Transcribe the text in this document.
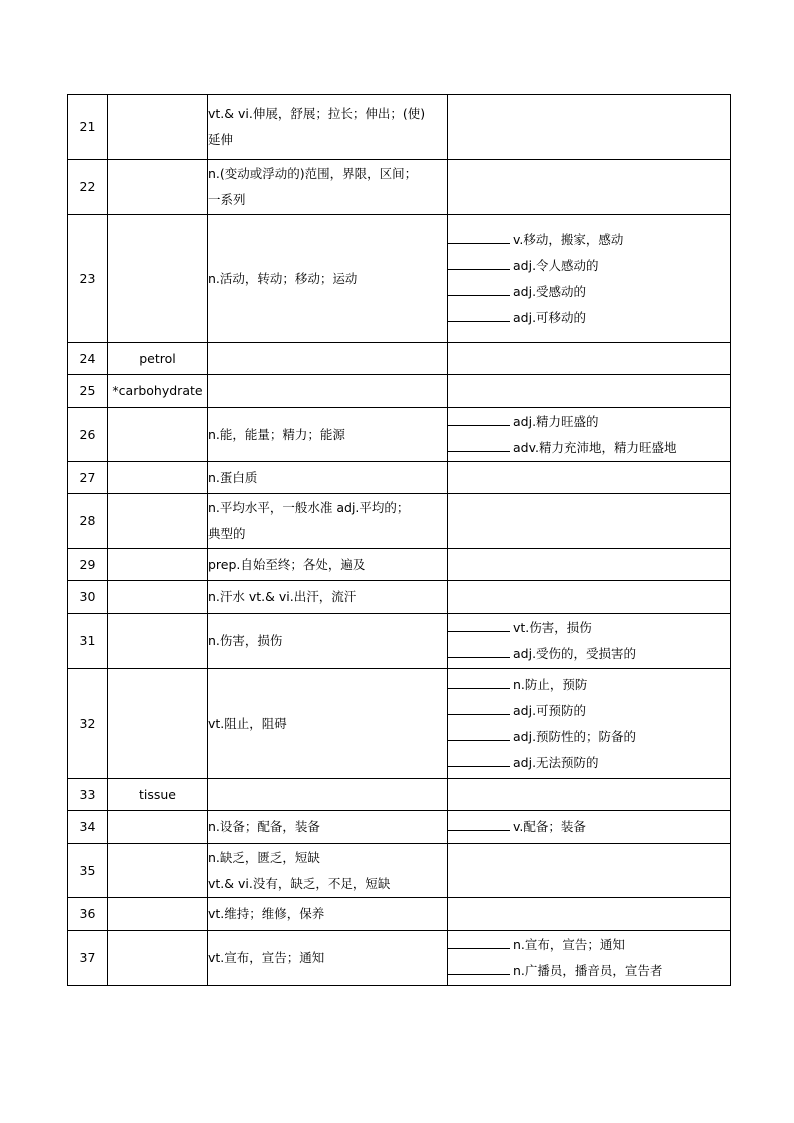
21		vt.& vi.伸展，舒展；拉长；伸出；(使)
延伸	

22		n.(变动或浮动的)范围，界限，区间；
一系列	

23		n.活动，转动；移动；运动	v.移动，搬家，感动
adj.令人感动的
adj.受感动的
adj.可移动的

24	petrol		
25	*carbohydrate		
26		n.能，能量；精力；能源	adj.精力旺盛的
adv.精力充沛地，精力旺盛地

27		n.蛋白质	

28		n.平均水平，一般水准 adj.平均的；
典型的	

29		prep.自始至终；各处，遍及	

30		n.汗水 vt.& vi.出汗，流汗	

31		n.伤害，损伤	vt.伤害，损伤
adj.受伤的，受损害的

32		vt.阻止，阻碍	n.防止，预防
adj.可预防的
adj.预防性的；防备的
adj.无法预防的

33	tissue		
34		n.设备；配备，装备	v.配备；装备

35		n.缺乏，匮乏，短缺
vt.& vi.没有，缺乏，不足，短缺	

36		vt.维持；维修，保养	

37		vt.宣布，宣告；通知	n.宣布，宣告；通知
n.广播员，播音员，宣告者
